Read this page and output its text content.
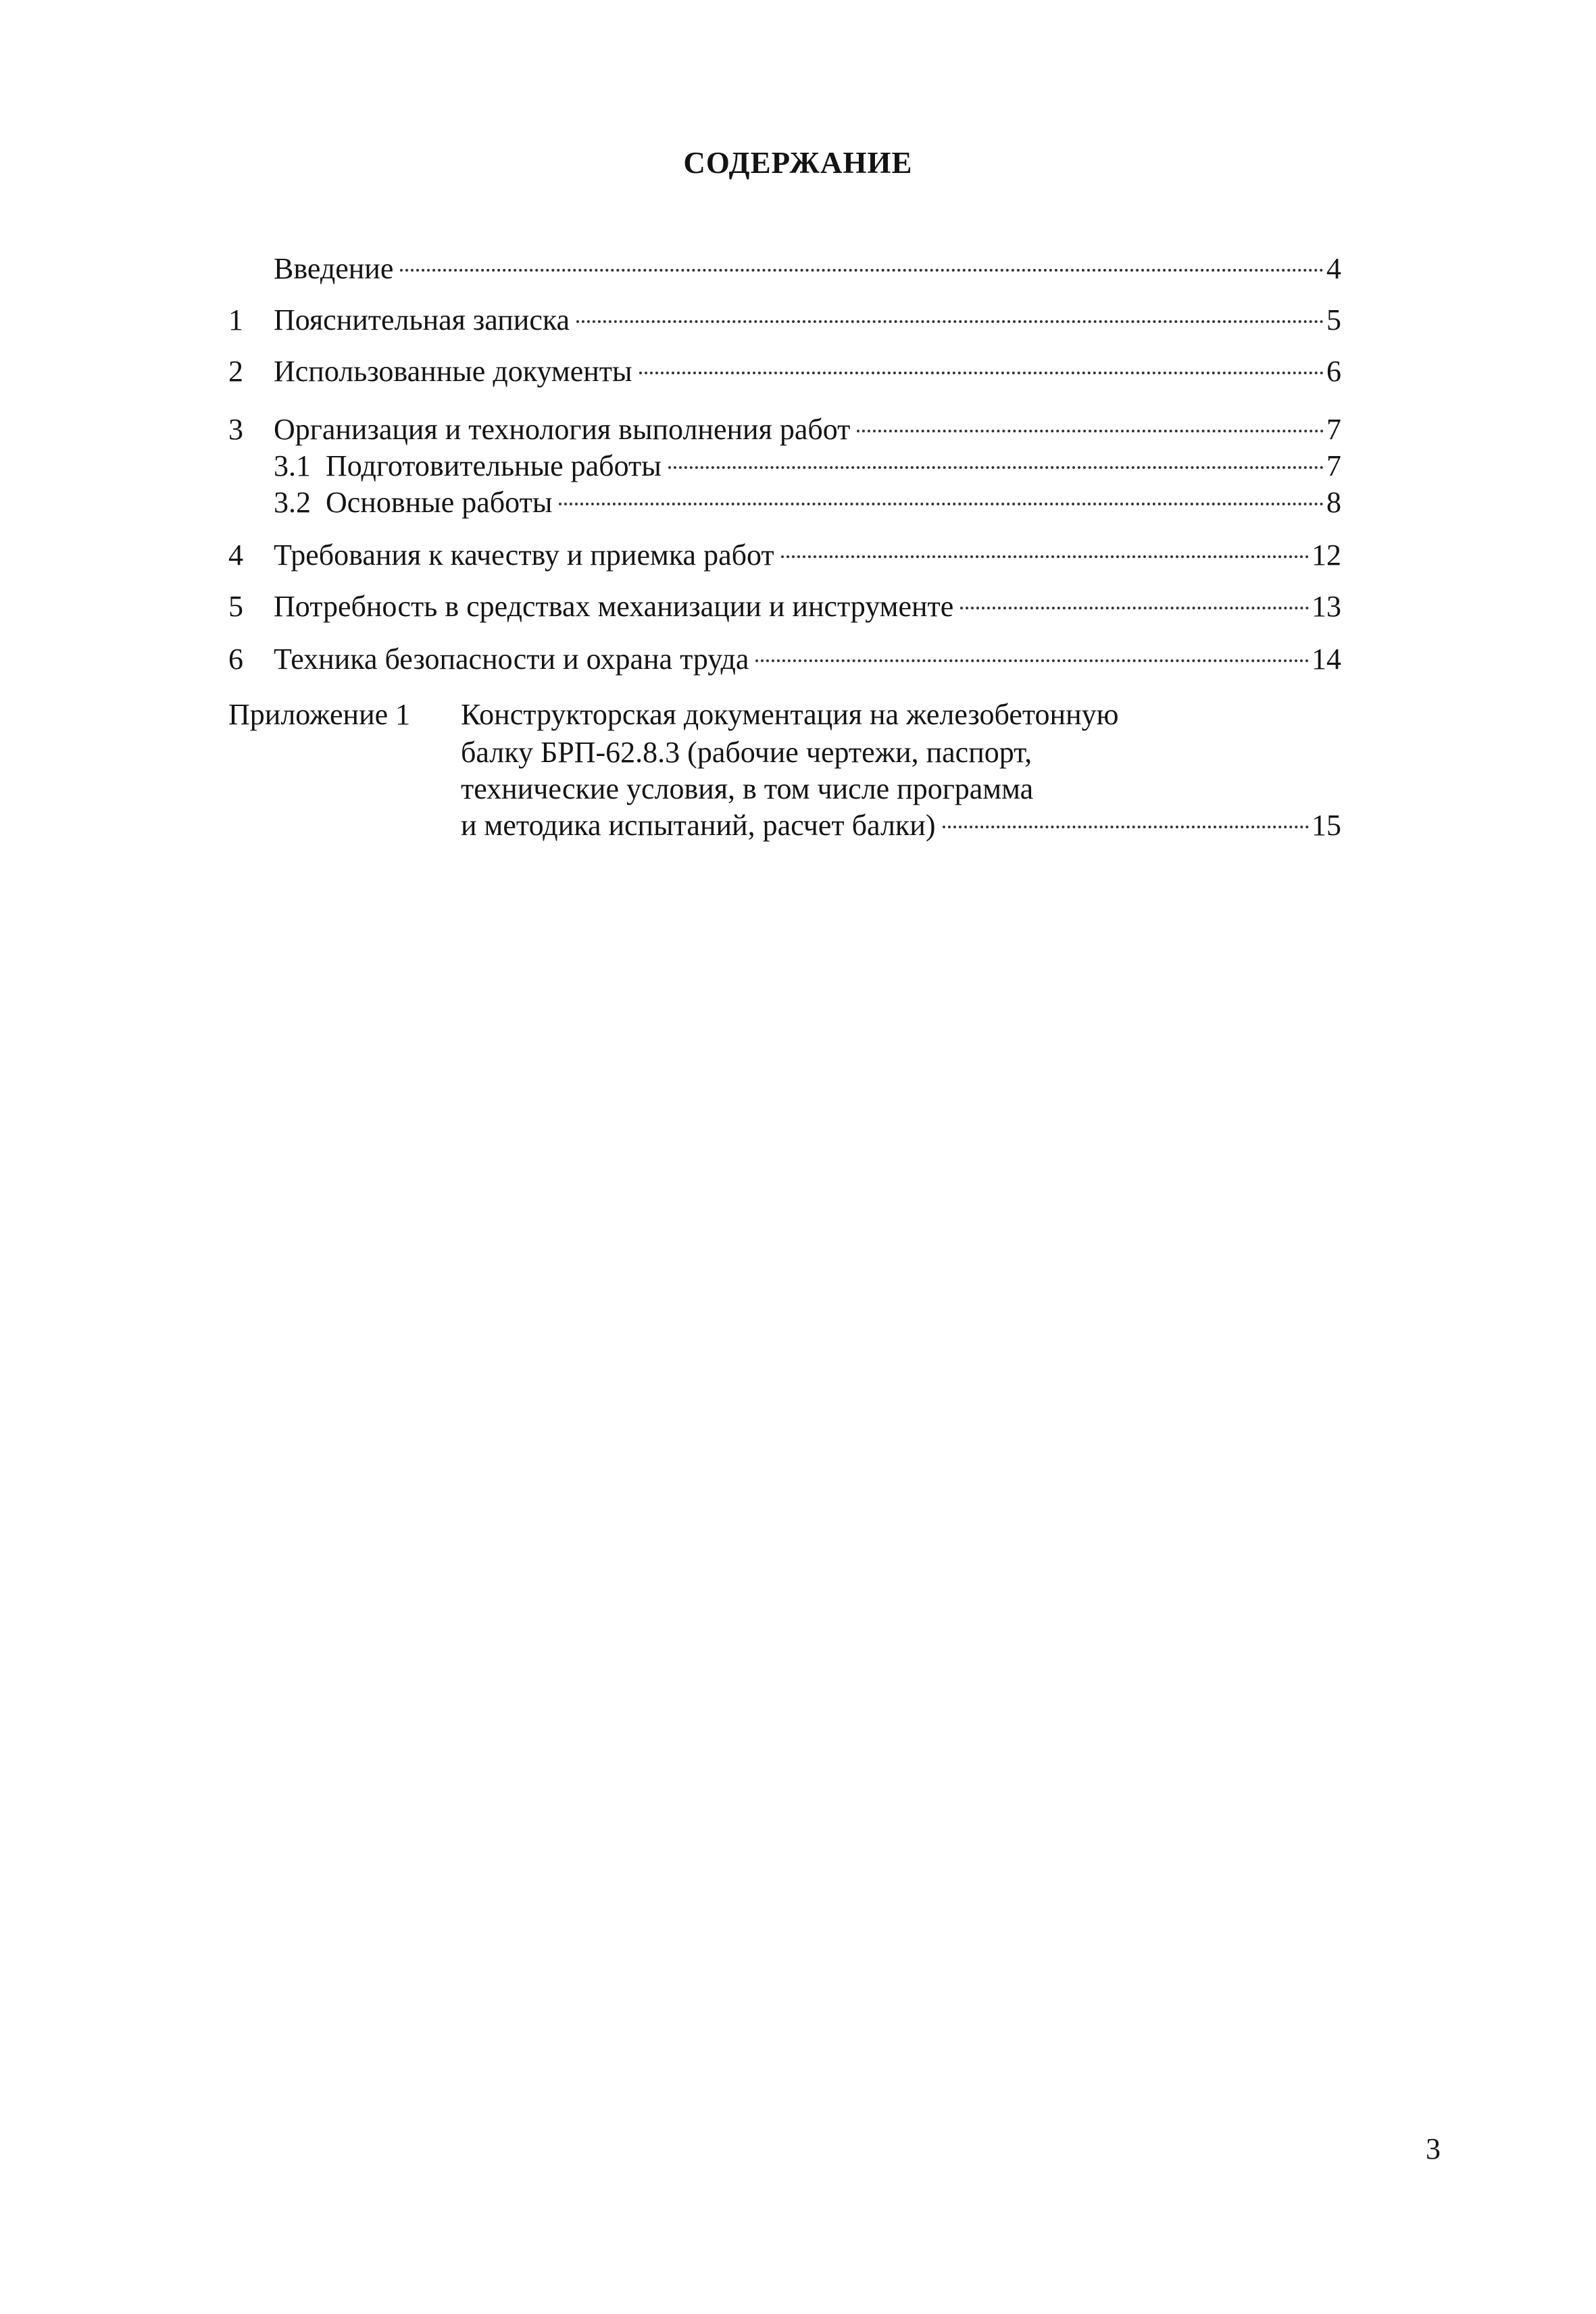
СОДЕРЖАНИЕ
Введение	4
1	Пояснительная записка	5
2	Использованные документы	6
3	Организация и технология выполнения работ	7
3.1  Подготовительные работы	7
3.2  Основные работы	8
4	Требования к качеству и приемка работ	12
5	Потребность в средствах механизации и инструменте	13
6	Техника безопасности и охрана труда	14
Приложение 1 Конструкторская документация на железобетонную
балку БРП-62.8.3 (рабочие чертежи, паспорт,
технические условия, в том числе программа
и методика испытаний, расчет балки)	15
3
